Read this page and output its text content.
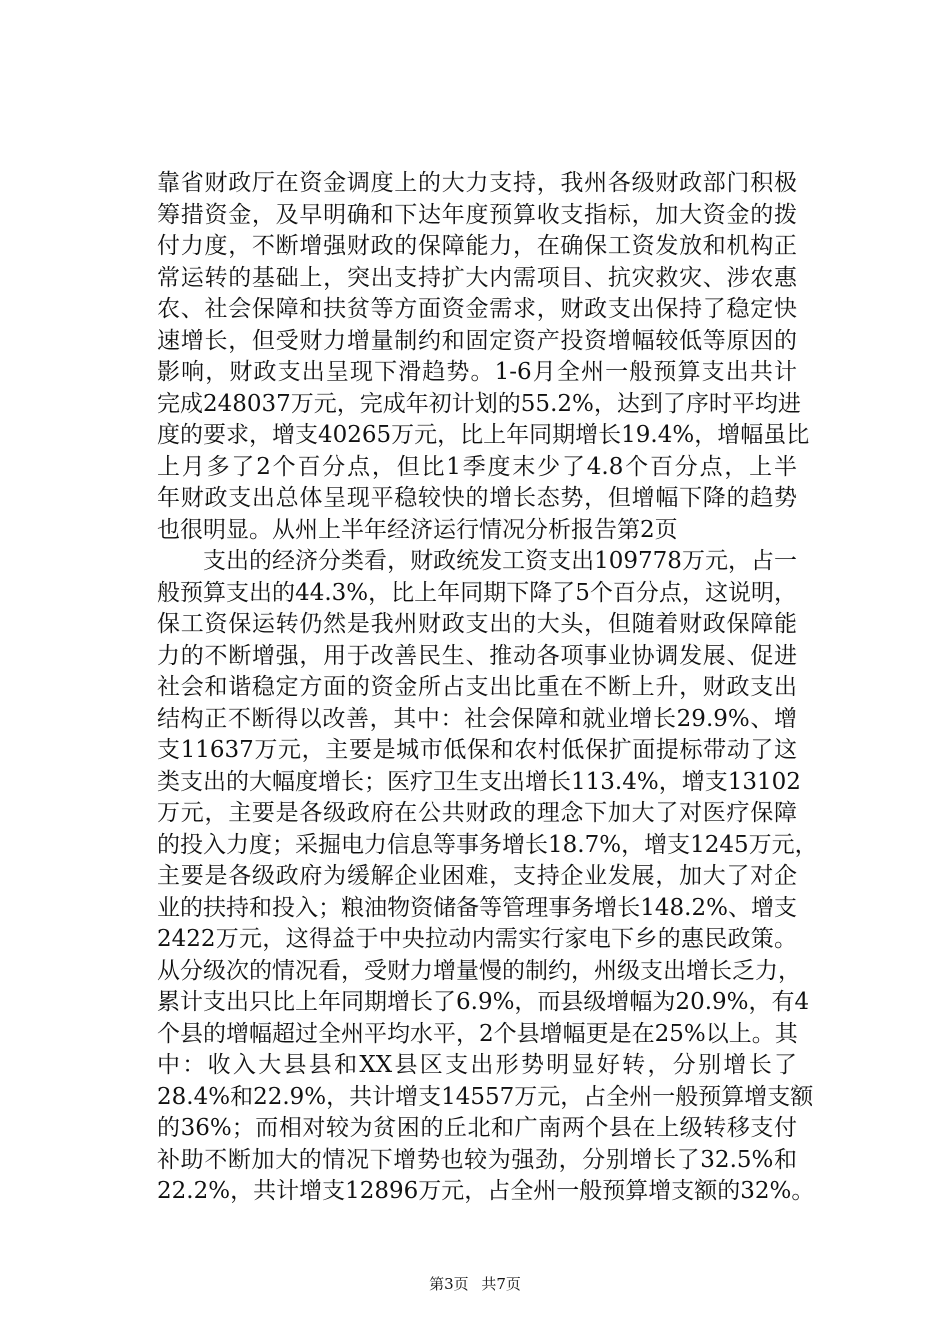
靠省财政厅在资金调度上的大力支持，我州各级财政部门积极
筹措资金，及早明确和下达年度预算收支指标，加大资金的拨
付力度，不断增强财政的保障能力，在确保工资发放和机构正
常运转的基础上，突出支持扩大内需项目、抗灾救灾、涉农惠
农、社会保障和扶贫等方面资金需求，财政支出保持了稳定快
速增长，但受财力增量制约和固定资产投资增幅较低等原因的
影响，财政支出呈现下滑趋势。1-6月全州一般预算支出共计
完成248037万元，完成年初计划的55.2%，达到了序时平均进
度的要求，增支40265万元，比上年同期增长19.4%，增幅虽比
上月多了2个百分点，但比1季度末少了4.8个百分点，上半
年财政支出总体呈现平稳较快的增长态势，但增幅下降的趋势
也很明显。从州上半年经济运行情况分析报告第2页
支出的经济分类看，财政统发工资支出109778万元，占一
般预算支出的44.3%，比上年同期下降了5个百分点，这说明，
保工资保运转仍然是我州财政支出的大头，但随着财政保障能
力的不断增强，用于改善民生、推动各项事业协调发展、促进
社会和谐稳定方面的资金所占支出比重在不断上升，财政支出
结构正不断得以改善，其中：社会保障和就业增长29.9%、增
支11637万元，主要是城市低保和农村低保扩面提标带动了这
类支出的大幅度增长；医疗卫生支出增长113.4%，增支13102
万元，主要是各级政府在公共财政的理念下加大了对医疗保障
的投入力度；采掘电力信息等事务增长18.7%，增支1245万元，
主要是各级政府为缓解企业困难，支持企业发展，加大了对企
业的扶持和投入；粮油物资储备等管理事务增长148.2%、增支
2422万元，这得益于中央拉动内需实行家电下乡的惠民政策。
从分级次的情况看，受财力增量慢的制约，州级支出增长乏力，
累计支出只比上年同期增长了6.9%，而县级增幅为20.9%，有4
个县的增幅超过全州平均水平，2个县增幅更是在25%以上。其
中：收入大县县和XX县区支出形势明显好转，分别增长了
28.4%和22.9%，共计增支14557万元，占全州一般预算增支额
的36%；而相对较为贫困的丘北和广南两个县在上级转移支付
补助不断加大的情况下增势也较为强劲，分别增长了32.5%和
22.2%，共计增支12896万元，占全州一般预算增支额的32%。
第3页 共7页
